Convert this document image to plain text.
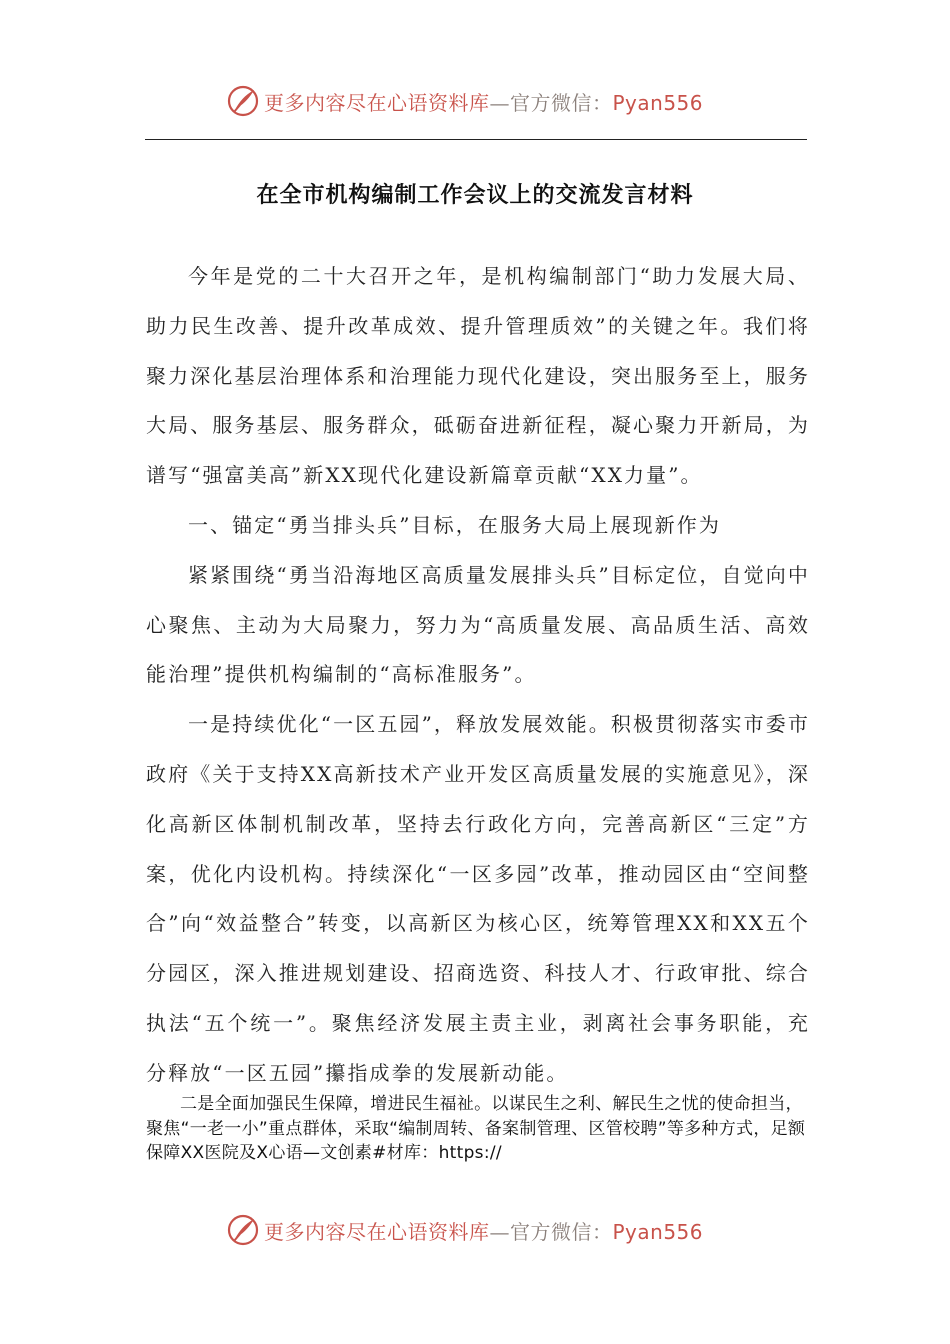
更多内容尽在心语资料库—官方微信：Pyan556
在全市机构编制工作会议上的交流发言材料

今年是党的二十大召开之年，是机构编制部门“助力发展大局、助力民生改善、提升改革成效、提升管理质效”的关键之年。我们将聚力深化基层治理体系和治理能力现代化建设，突出服务至上，服务大局、服务基层、服务群众，砥砺奋进新征程，凝心聚力开新局，为谱写“强富美高”新XX现代化建设新篇章贡献“XX力量”。

一、锚定“勇当排头兵”目标，在服务大局上展现新作为

紧紧围绕“勇当沿海地区高质量发展排头兵”目标定位，自觉向中心聚焦、主动为大局聚力，努力为“高质量发展、高品质生活、高效能治理”提供机构编制的“高标准服务”。

一是持续优化“一区五园”，释放发展效能。积极贯彻落实市委市政府《关于支持XX高新技术产业开发区高质量发展的实施意见》，深化高新区体制机制改革，坚持去行政化方向，完善高新区“三定”方案，优化内设机构。持续深化“一区多园”改革，推动园区由“空间整合”向“效益整合”转变，以高新区为核心区，统筹管理XX和XX五个分园区，深入推进规划建设、招商选资、科技人才、行政审批、综合执法“五个统一”。聚焦经济发展主责主业，剥离社会事务职能，充分释放“一区五园”攥指成拳的发展新动能。

二是全面加强民生保障，增进民生福祉。以谋民生之利、解民生之忧的使命担当，聚焦“一老一小”重点群体，采取“编制周转、备案制管理、区管校聘”等多种方式，足额保障XX医院及X心语—文创素#材库：https://

更多内容尽在心语资料库—官方微信：Pyan556
